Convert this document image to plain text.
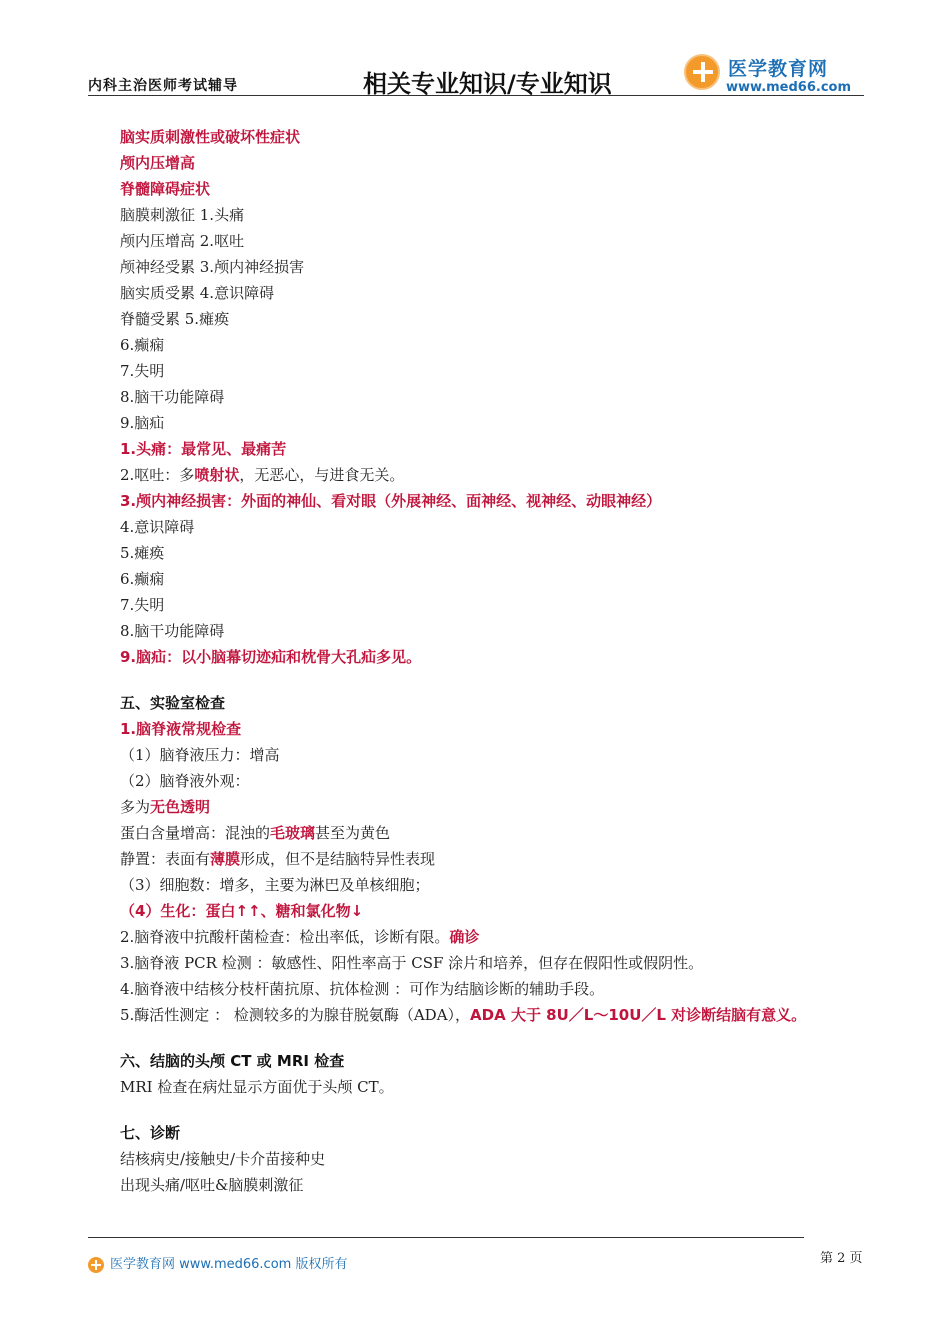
内科主治医师考试辅导	相关专业知识/专业知识
医学教育网
www.med66.com
脑实质刺激性或破坏性症状
颅内压增高
脊髓障碍症状
脑膜刺激征 1.头痛
颅内压增高 2.呕吐
颅神经受累 3.颅内神经损害
脑实质受累 4.意识障碍
脊髓受累 5.瘫痪
6.癫痫
7.失明
8.脑干功能障碍
9.脑疝
1.头痛：最常见、最痛苦
2.呕吐：多喷射状，无恶心，与进食无关。
3.颅内神经损害：外面的神仙、看对眼（外展神经、面神经、视神经、动眼神经）
4.意识障碍
5.瘫痪
6.癫痫
7.失明
8.脑干功能障碍
9.脑疝：以小脑幕切迹疝和枕骨大孔疝多见。
五、实验室检查
1.脑脊液常规检查
（1）脑脊液压力：增高
（2）脑脊液外观：
多为无色透明
蛋白含量增高：混浊的毛玻璃甚至为黄色
静置：表面有薄膜形成，但不是结脑特异性表现
（3）细胞数：增多，主要为淋巴及单核细胞；
（4）生化：蛋白↑↑、糖和氯化物↓
2.脑脊液中抗酸杆菌检查：检出率低，诊断有限。确诊
3.脑脊液 PCR 检测 ：敏感性、阳性率高于 CSF 涂片和培养，但存在假阳性或假阴性。
4.脑脊液中结核分枝杆菌抗原、抗体检测 ：可作为结脑诊断的辅助手段。
5.酶活性测定 ： 检测较多的为腺苷脱氨酶（ADA），ADA 大于 8U／L～10U／L 对诊断结脑有意义。
六、结脑的头颅 CT 或 MRI 检查
MRI 检查在病灶显示方面优于头颅 CT。
七、诊断
结核病史/接触史/卡介苗接种史
出现头痛/呕吐&脑膜刺激征
医学教育网 www.med66.com 版权所有	第 2 页
